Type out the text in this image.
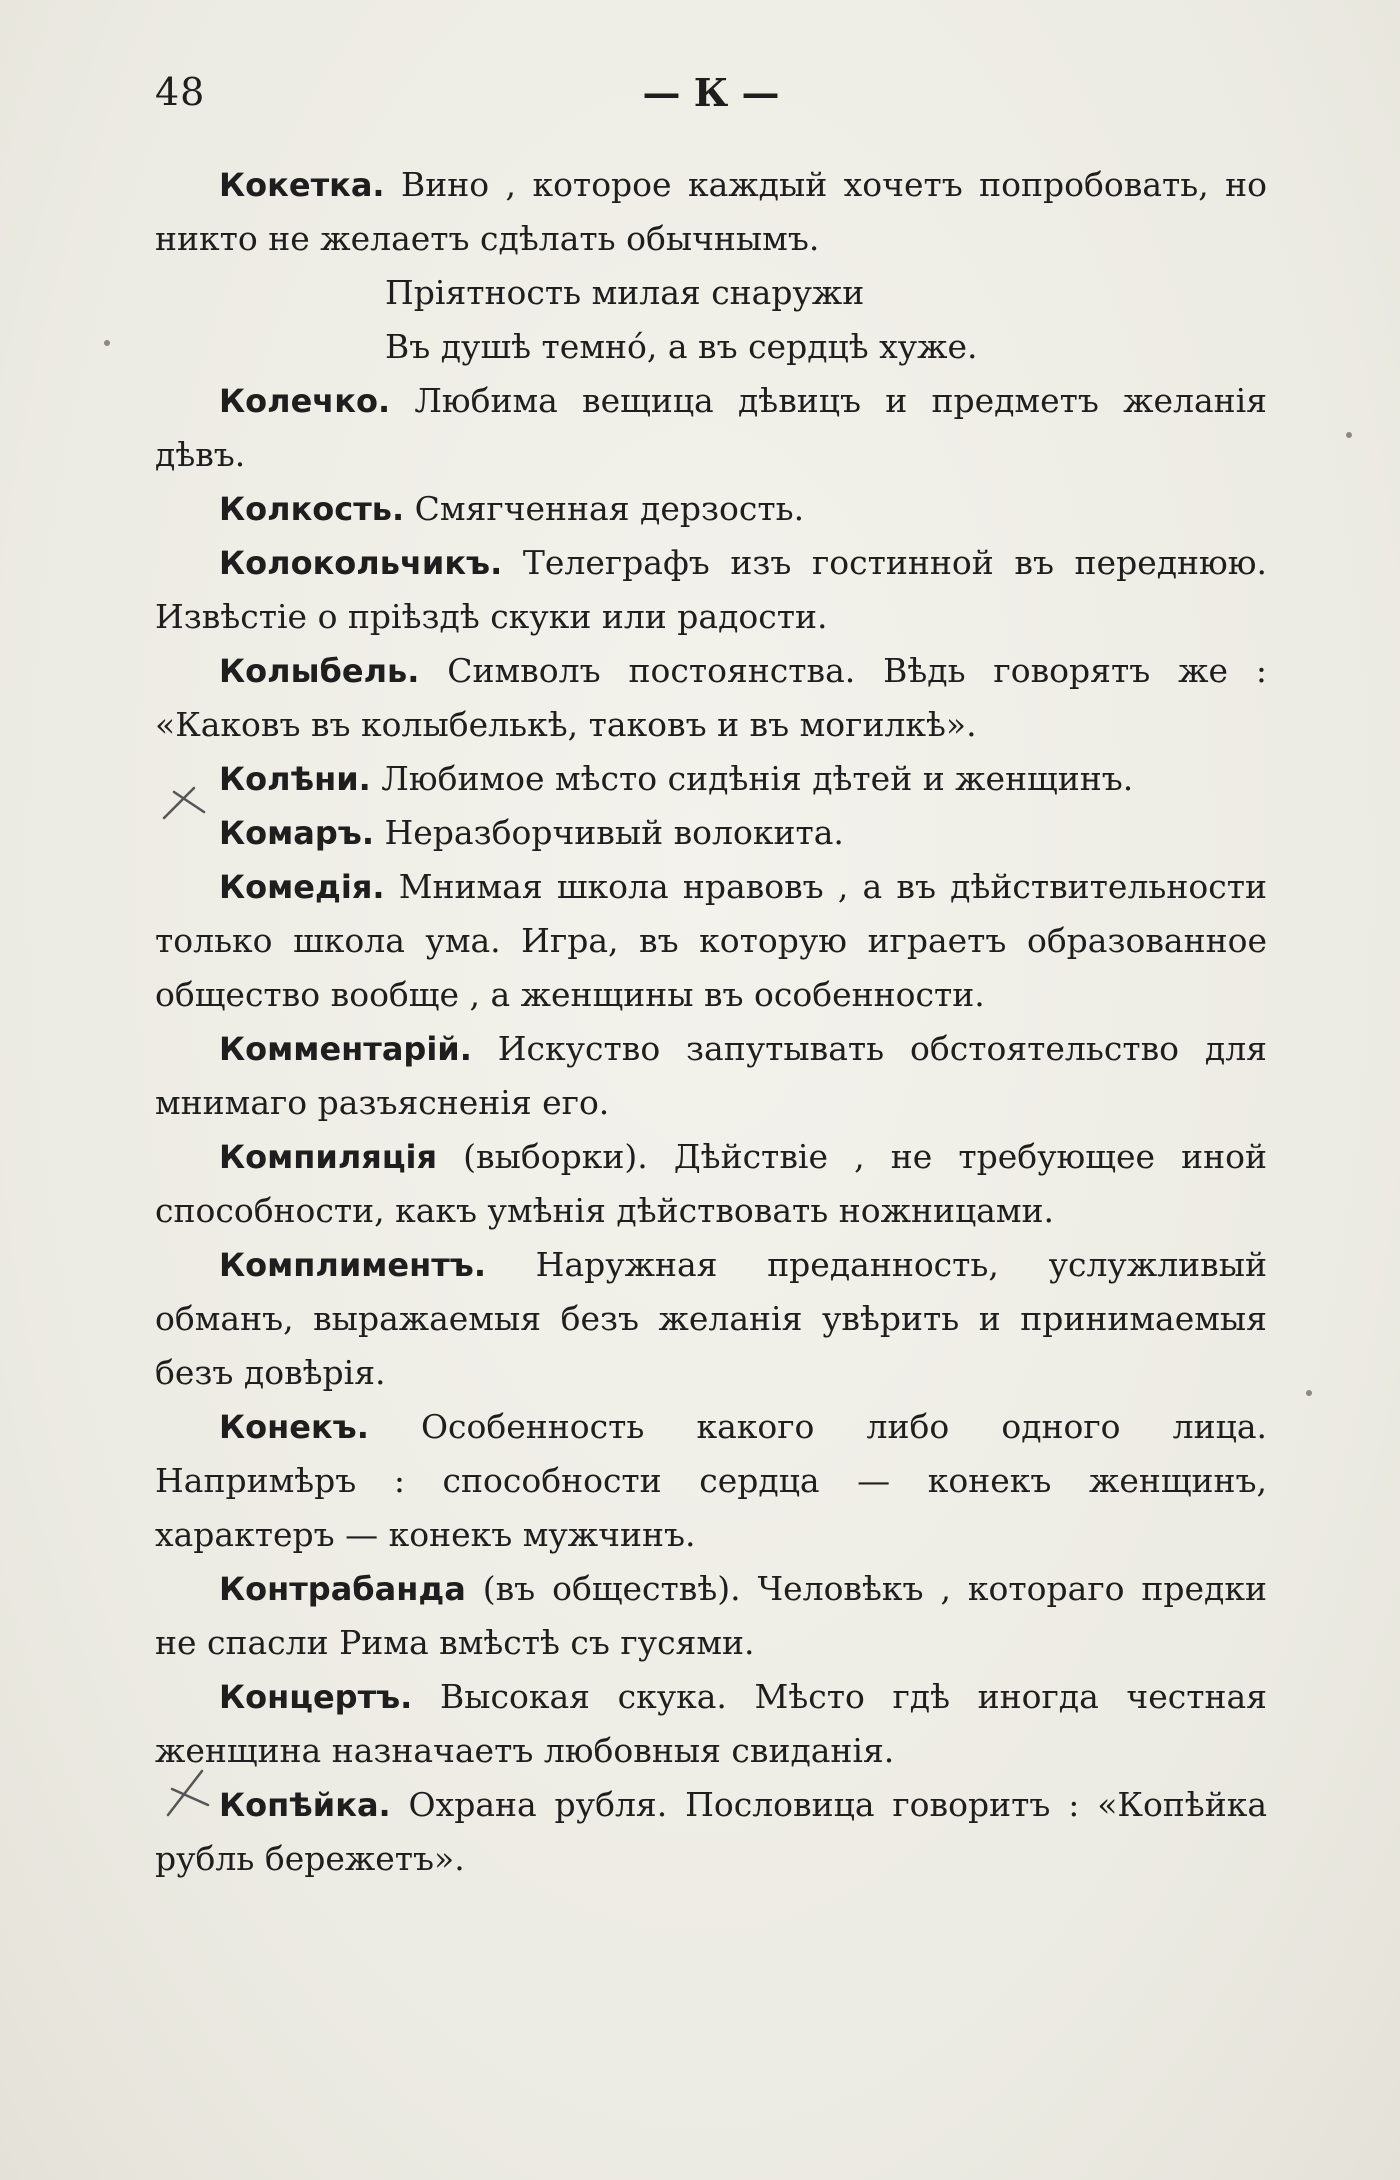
48	— К —

Кокетка. Вино , которое каждый хочетъ попробовать, но никто не желаетъ сдѣлать обычнымъ.

Пріятность милая снаружи

Въ душѣ темнó, а въ сердцѣ хуже.

Колечко. Любима вещица дѣвицъ и предметъ желанія дѣвъ.

Колкость. Смягченная дерзость.

Колокольчикъ. Телеграфъ изъ гостинной въ переднюю. Извѣстіе о пріѣздѣ скуки или радости.

Колыбель. Символъ постоянства. Вѣдь говорятъ же : «Каковъ въ колыбелькѣ, таковъ и въ могилкѣ».

Колѣни. Любимое мѣсто сидѣнія дѣтей и женщинъ.

Комаръ. Неразборчивый волокита.

Комедія. Мнимая школа нравовъ , а въ дѣйствительности только школа ума. Игра, въ которую играетъ образованное общество вообще , а женщины въ особенности.

Комментарій. Искуство запутывать обстоятельство для мнимаго разъясненія его.

Компиляція (выборки). Дѣйствіе , не требующее иной способности, какъ умѣнія дѣйствовать ножницами.

Комплиментъ. Наружная преданность, услужливый обманъ, выражаемыя безъ желанія увѣрить и принимаемыя безъ довѣрія.

Конекъ. Особенность какого либо одного лица. Напримѣръ : способности сердца — конекъ женщинъ, характеръ — конекъ мужчинъ.

Контрабанда (въ обществѣ). Человѣкъ , котораго предки не спасли Рима вмѣстѣ съ гусями.

Концертъ. Высокая скука. Мѣсто гдѣ иногда честная женщина назначаетъ любовныя свиданія.

Копѣйка. Охрана рубля. Пословица говоритъ : «Копѣйка рубль бережетъ».
